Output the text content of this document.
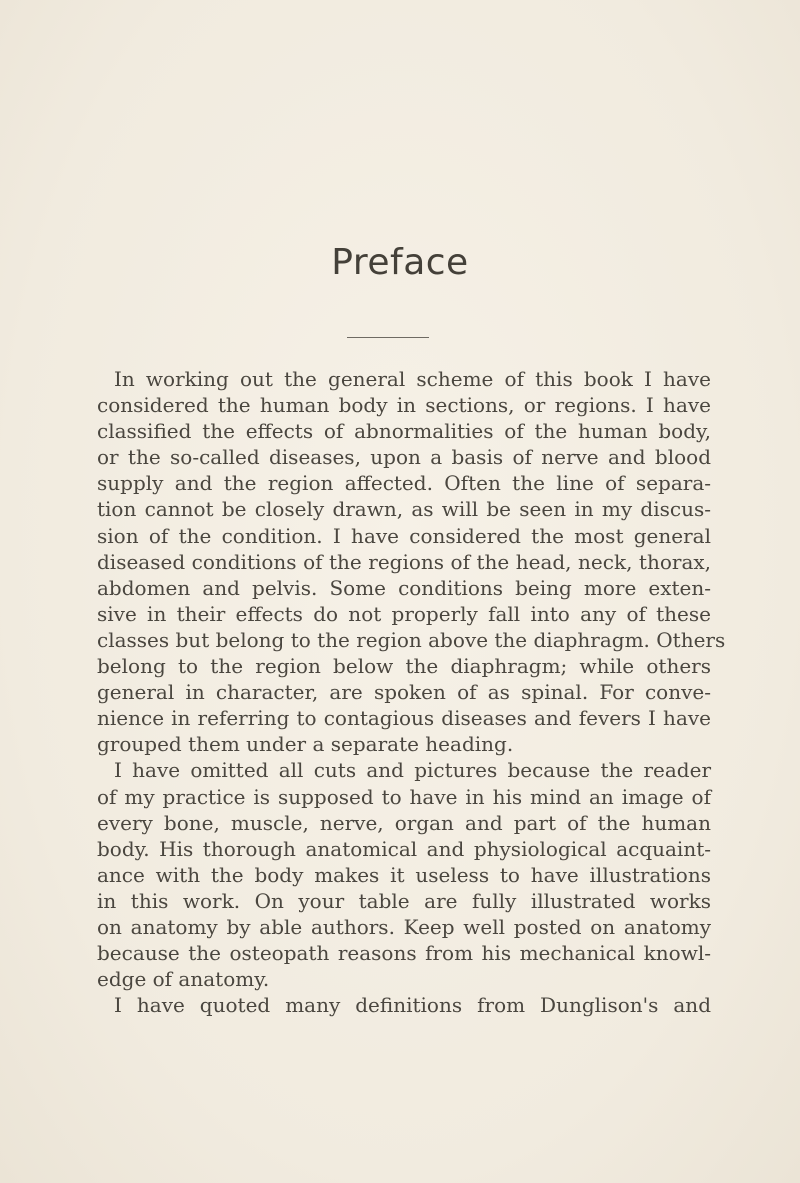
Preface
In working out the general scheme of this book I have
considered the human body in sections, or regions. I have
classified the effects of abnormalities of the human body,
or the so-called diseases, upon a basis of nerve and blood
supply and the region affected. Often the line of separa-
tion cannot be closely drawn, as will be seen in my discus-
sion of the condition. I have considered the most general
diseased conditions of the regions of the head, neck, thorax,
abdomen and pelvis. Some conditions being more exten-
sive in their effects do not properly fall into any of these
classes but belong to the region above the diaphragm. Others
belong to the region below the diaphragm; while others
general in character, are spoken of as spinal. For conve-
nience in referring to contagious diseases and fevers I have
grouped them under a separate heading.
I have omitted all cuts and pictures because the reader
of my practice is supposed to have in his mind an image of
every bone, muscle, nerve, organ and part of the human
body. His thorough anatomical and physiological acquaint-
ance with the body makes it useless to have illustrations
in this work. On your table are fully illustrated works
on anatomy by able authors. Keep well posted on anatomy
because the osteopath reasons from his mechanical knowl-
edge of anatomy.
I have quoted many definitions from Dunglison's and
